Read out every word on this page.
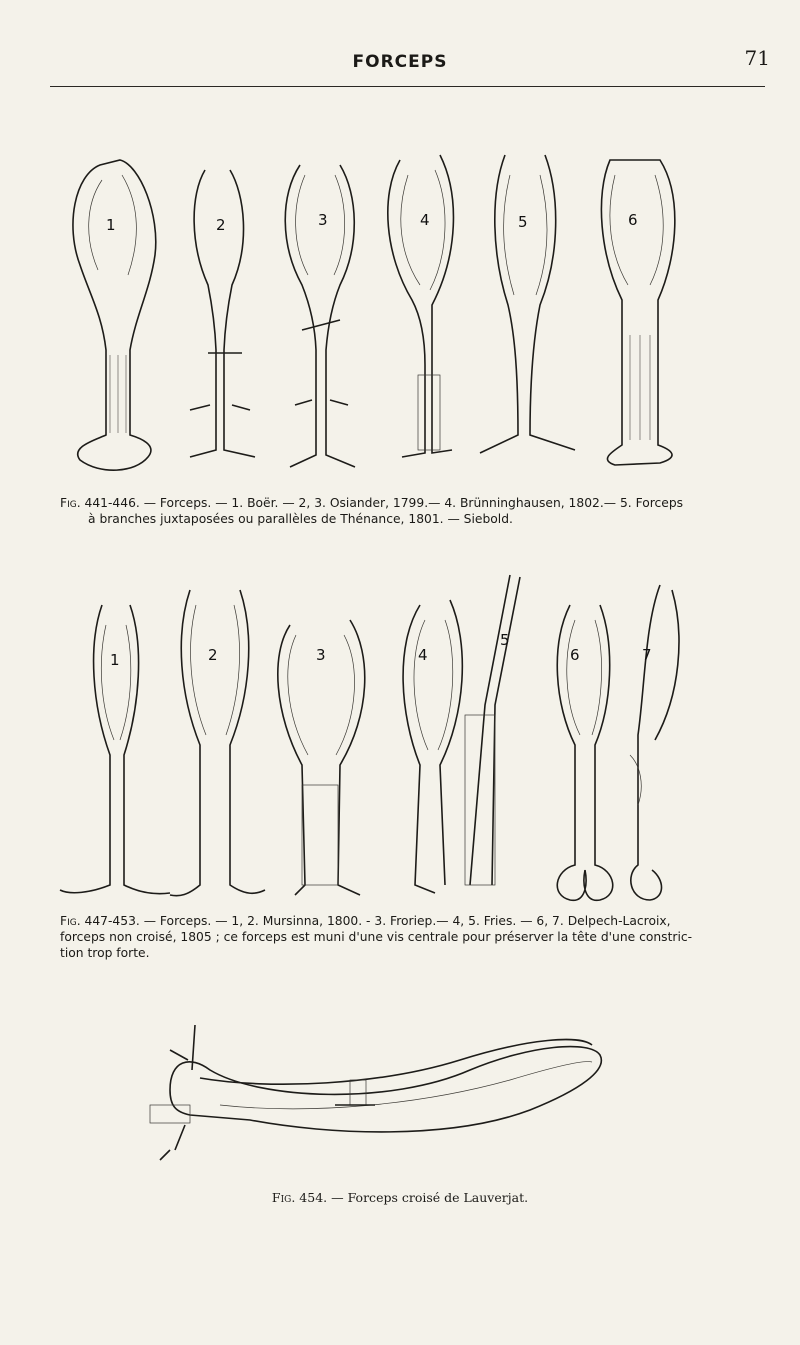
FORCEPS	71
1	2	3	4	5	6
Fig. 441-446. — Forceps. — 1. Boër. — 2, 3. Osiander, 1799.— 4. Brünninghausen, 1802.— 5. Forceps
à branches juxtaposées ou parallèles de Thénance, 1801. — Siebold.
1	2	3	4
5
6	7
Fig. 447-453. — Forceps. — 1, 2. Mursinna, 1800. - 3. Froriep.— 4, 5. Fries. — 6, 7. Delpech-Lacroix,
forceps non croisé, 1805 ; ce forceps est muni d'une vis centrale pour préserver la tête d'une constric-
tion trop forte.
Fig. 454. — Forceps croisé de Lauverjat.
